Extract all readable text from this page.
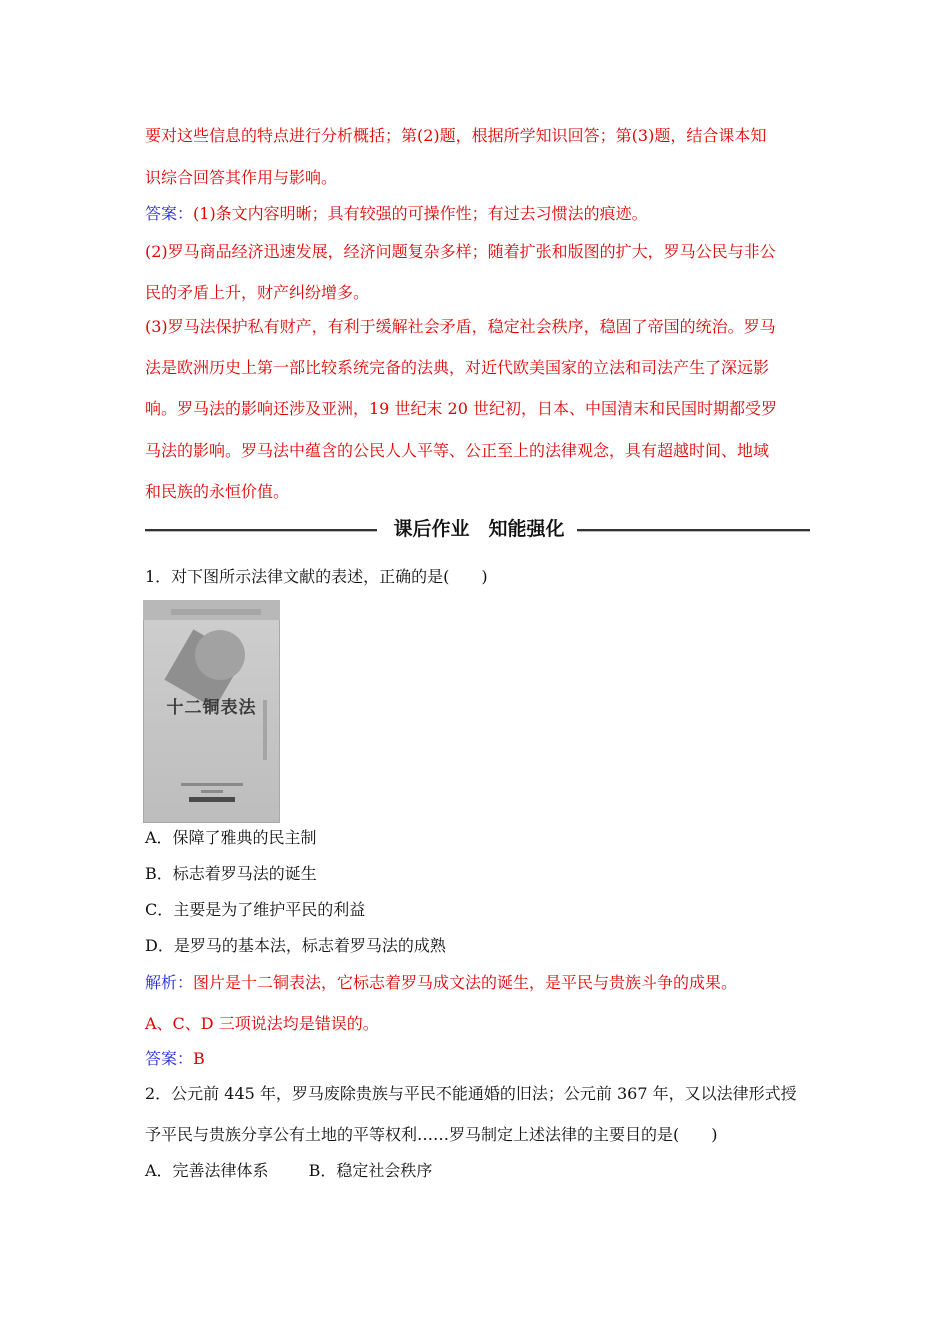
要对这些信息的特点进行分析概括；第(2)题，根据所学知识回答；第(3)题，结合课本知
识综合回答其作用与影响。
答案：(1)条文内容明晰；具有较强的可操作性；有过去习惯法的痕迹。
(2)罗马商品经济迅速发展，经济问题复杂多样；随着扩张和版图的扩大，罗马公民与非公
民的矛盾上升，财产纠纷增多。
(3)罗马法保护私有财产，有利于缓解社会矛盾，稳定社会秩序，稳固了帝国的统治。罗马
法是欧洲历史上第一部比较系统完备的法典，对近代欧美国家的立法和司法产生了深远影
响。罗马法的影响还涉及亚洲，19 世纪末 20 世纪初，日本、中国清末和民国时期都受罗
马法的影响。罗马法中蕴含的公民人人平等、公正至上的法律观念，具有超越时间、地域
和民族的永恒价值。
课后作业　知能强化
1．对下图所示法律文献的表述，正确的是(　　)
十二铜表法
A．保障了雅典的民主制
B．标志着罗马法的诞生
C．主要是为了维护平民的利益
D．是罗马的基本法，标志着罗马法的成熟
解析：图片是十二铜表法，它标志着罗马成文法的诞生，是平民与贵族斗争的成果。
A、C、D 三项说法均是错误的。
答案：B
2．公元前 445 年，罗马废除贵族与平民不能通婚的旧法；公元前 367 年，又以法律形式授
予平民与贵族分享公有土地的平等权利……罗马制定上述法律的主要目的是(　　)
A．完善法律体系	B．稳定社会秩序
